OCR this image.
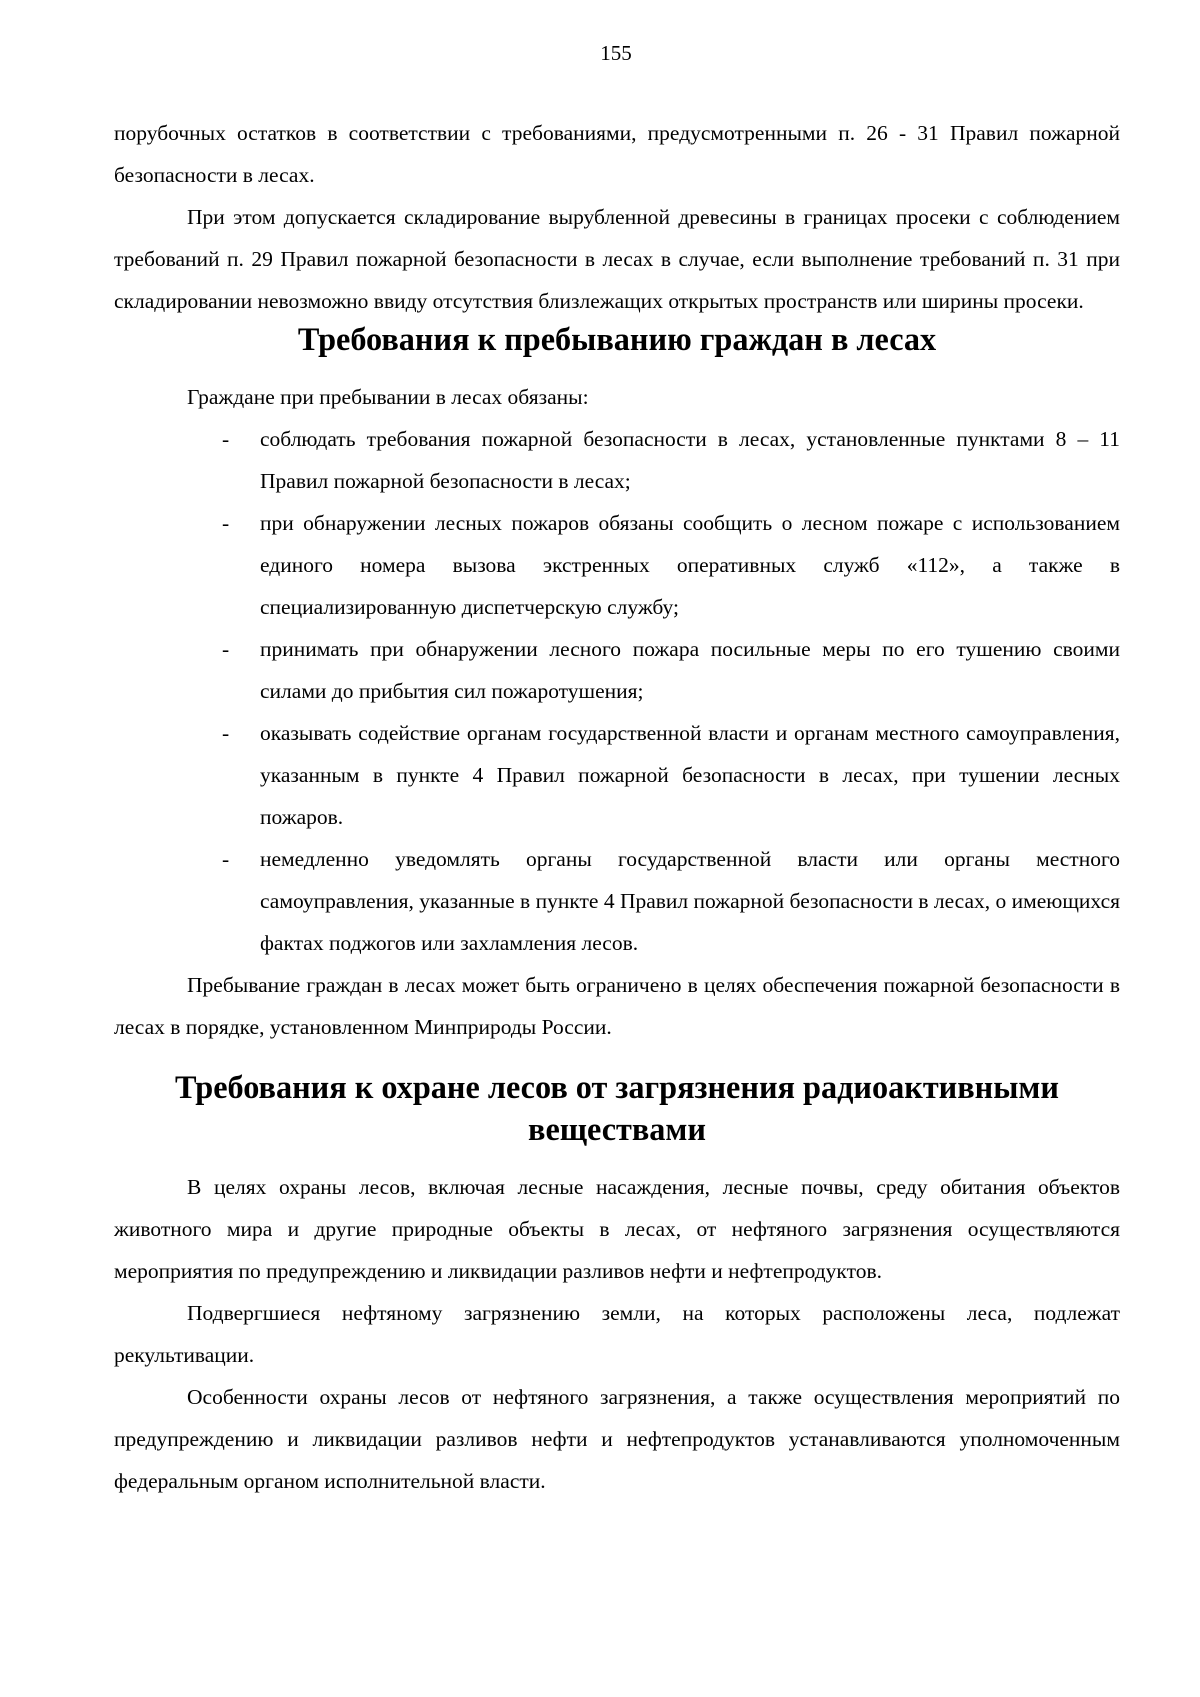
155

порубочных остатков в соответствии с требованиями, предусмотренными п. 26 - 31 Правил пожарной безопасности в лесах.

При этом допускается складирование вырубленной древесины в границах просеки с соблюдением требований п. 29 Правил пожарной безопасности в лесах в случае, если выполнение требований п. 31 при складировании невозможно ввиду отсутствия близлежащих открытых пространств или ширины просеки.

Требования к пребыванию граждан в лесах

Граждане при пребывании в лесах обязаны:

- соблюдать требования пожарной безопасности в лесах, установленные пунктами 8 – 11 Правил пожарной безопасности в лесах;
- при обнаружении лесных пожаров обязаны сообщить о лесном пожаре с использованием единого номера вызова экстренных оперативных служб «112», а также в специализированную диспетчерскую службу;
- принимать при обнаружении лесного пожара посильные меры по его тушению своими силами до прибытия сил пожаротушения;
- оказывать содействие органам государственной власти и органам местного самоуправления, указанным в пункте 4 Правил пожарной безопасности в лесах, при тушении лесных пожаров.
- немедленно уведомлять органы государственной власти или органы местного самоуправления, указанные в пункте 4 Правил пожарной безопасности в лесах, о имеющихся фактах поджогов или захламления лесов.

Пребывание граждан в лесах может быть ограничено в целях обеспечения пожарной безопасности в лесах в порядке, установленном Минприроды России.

Требования к охране лесов от загрязнения радиоактивными веществами

В целях охраны лесов, включая лесные насаждения, лесные почвы, среду обитания объектов животного мира и другие природные объекты в лесах, от нефтяного загрязнения осуществляются мероприятия по предупреждению и ликвидации разливов нефти и нефтепродуктов.

Подвергшиеся нефтяному загрязнению земли, на которых расположены леса, подлежат рекультивации.

Особенности охраны лесов от нефтяного загрязнения, а также осуществления мероприятий по предупреждению и ликвидации разливов нефти и нефтепродуктов устанавливаются уполномоченным федеральным органом исполнительной власти.
